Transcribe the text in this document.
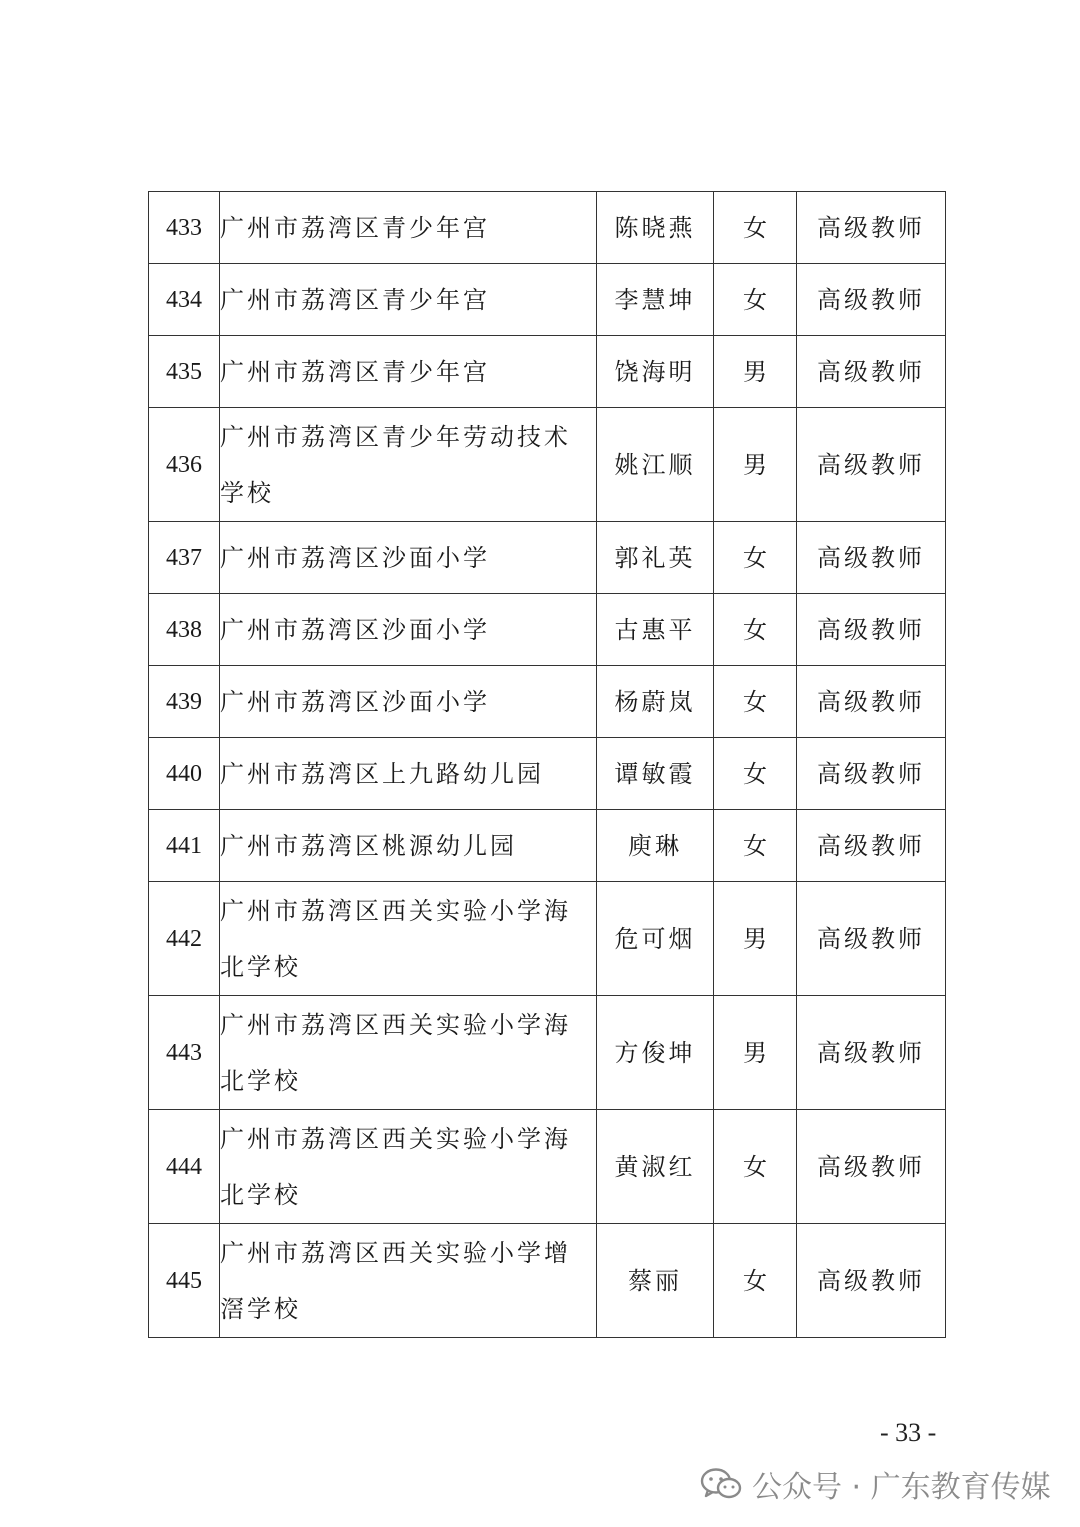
433	广州市荔湾区青少年宫	陈晓燕	女	高级教师
434	广州市荔湾区青少年宫	李慧坤	女	高级教师
435	广州市荔湾区青少年宫	饶海明	男	高级教师
436	广州市荔湾区青少年劳动技术学校	姚江顺	男	高级教师
437	广州市荔湾区沙面小学	郭礼英	女	高级教师
438	广州市荔湾区沙面小学	古惠平	女	高级教师
439	广州市荔湾区沙面小学	杨蔚岚	女	高级教师
440	广州市荔湾区上九路幼儿园	谭敏霞	女	高级教师
441	广州市荔湾区桃源幼儿园	庾琳	女	高级教师
442	广州市荔湾区西关实验小学海北学校	危可烟	男	高级教师
443	广州市荔湾区西关实验小学海北学校	方俊坤	男	高级教师
444	广州市荔湾区西关实验小学海北学校	黄淑红	女	高级教师
445	广州市荔湾区西关实验小学增滘学校	蔡丽	女	高级教师
- 33 -
公众号 · 广东教育传媒
